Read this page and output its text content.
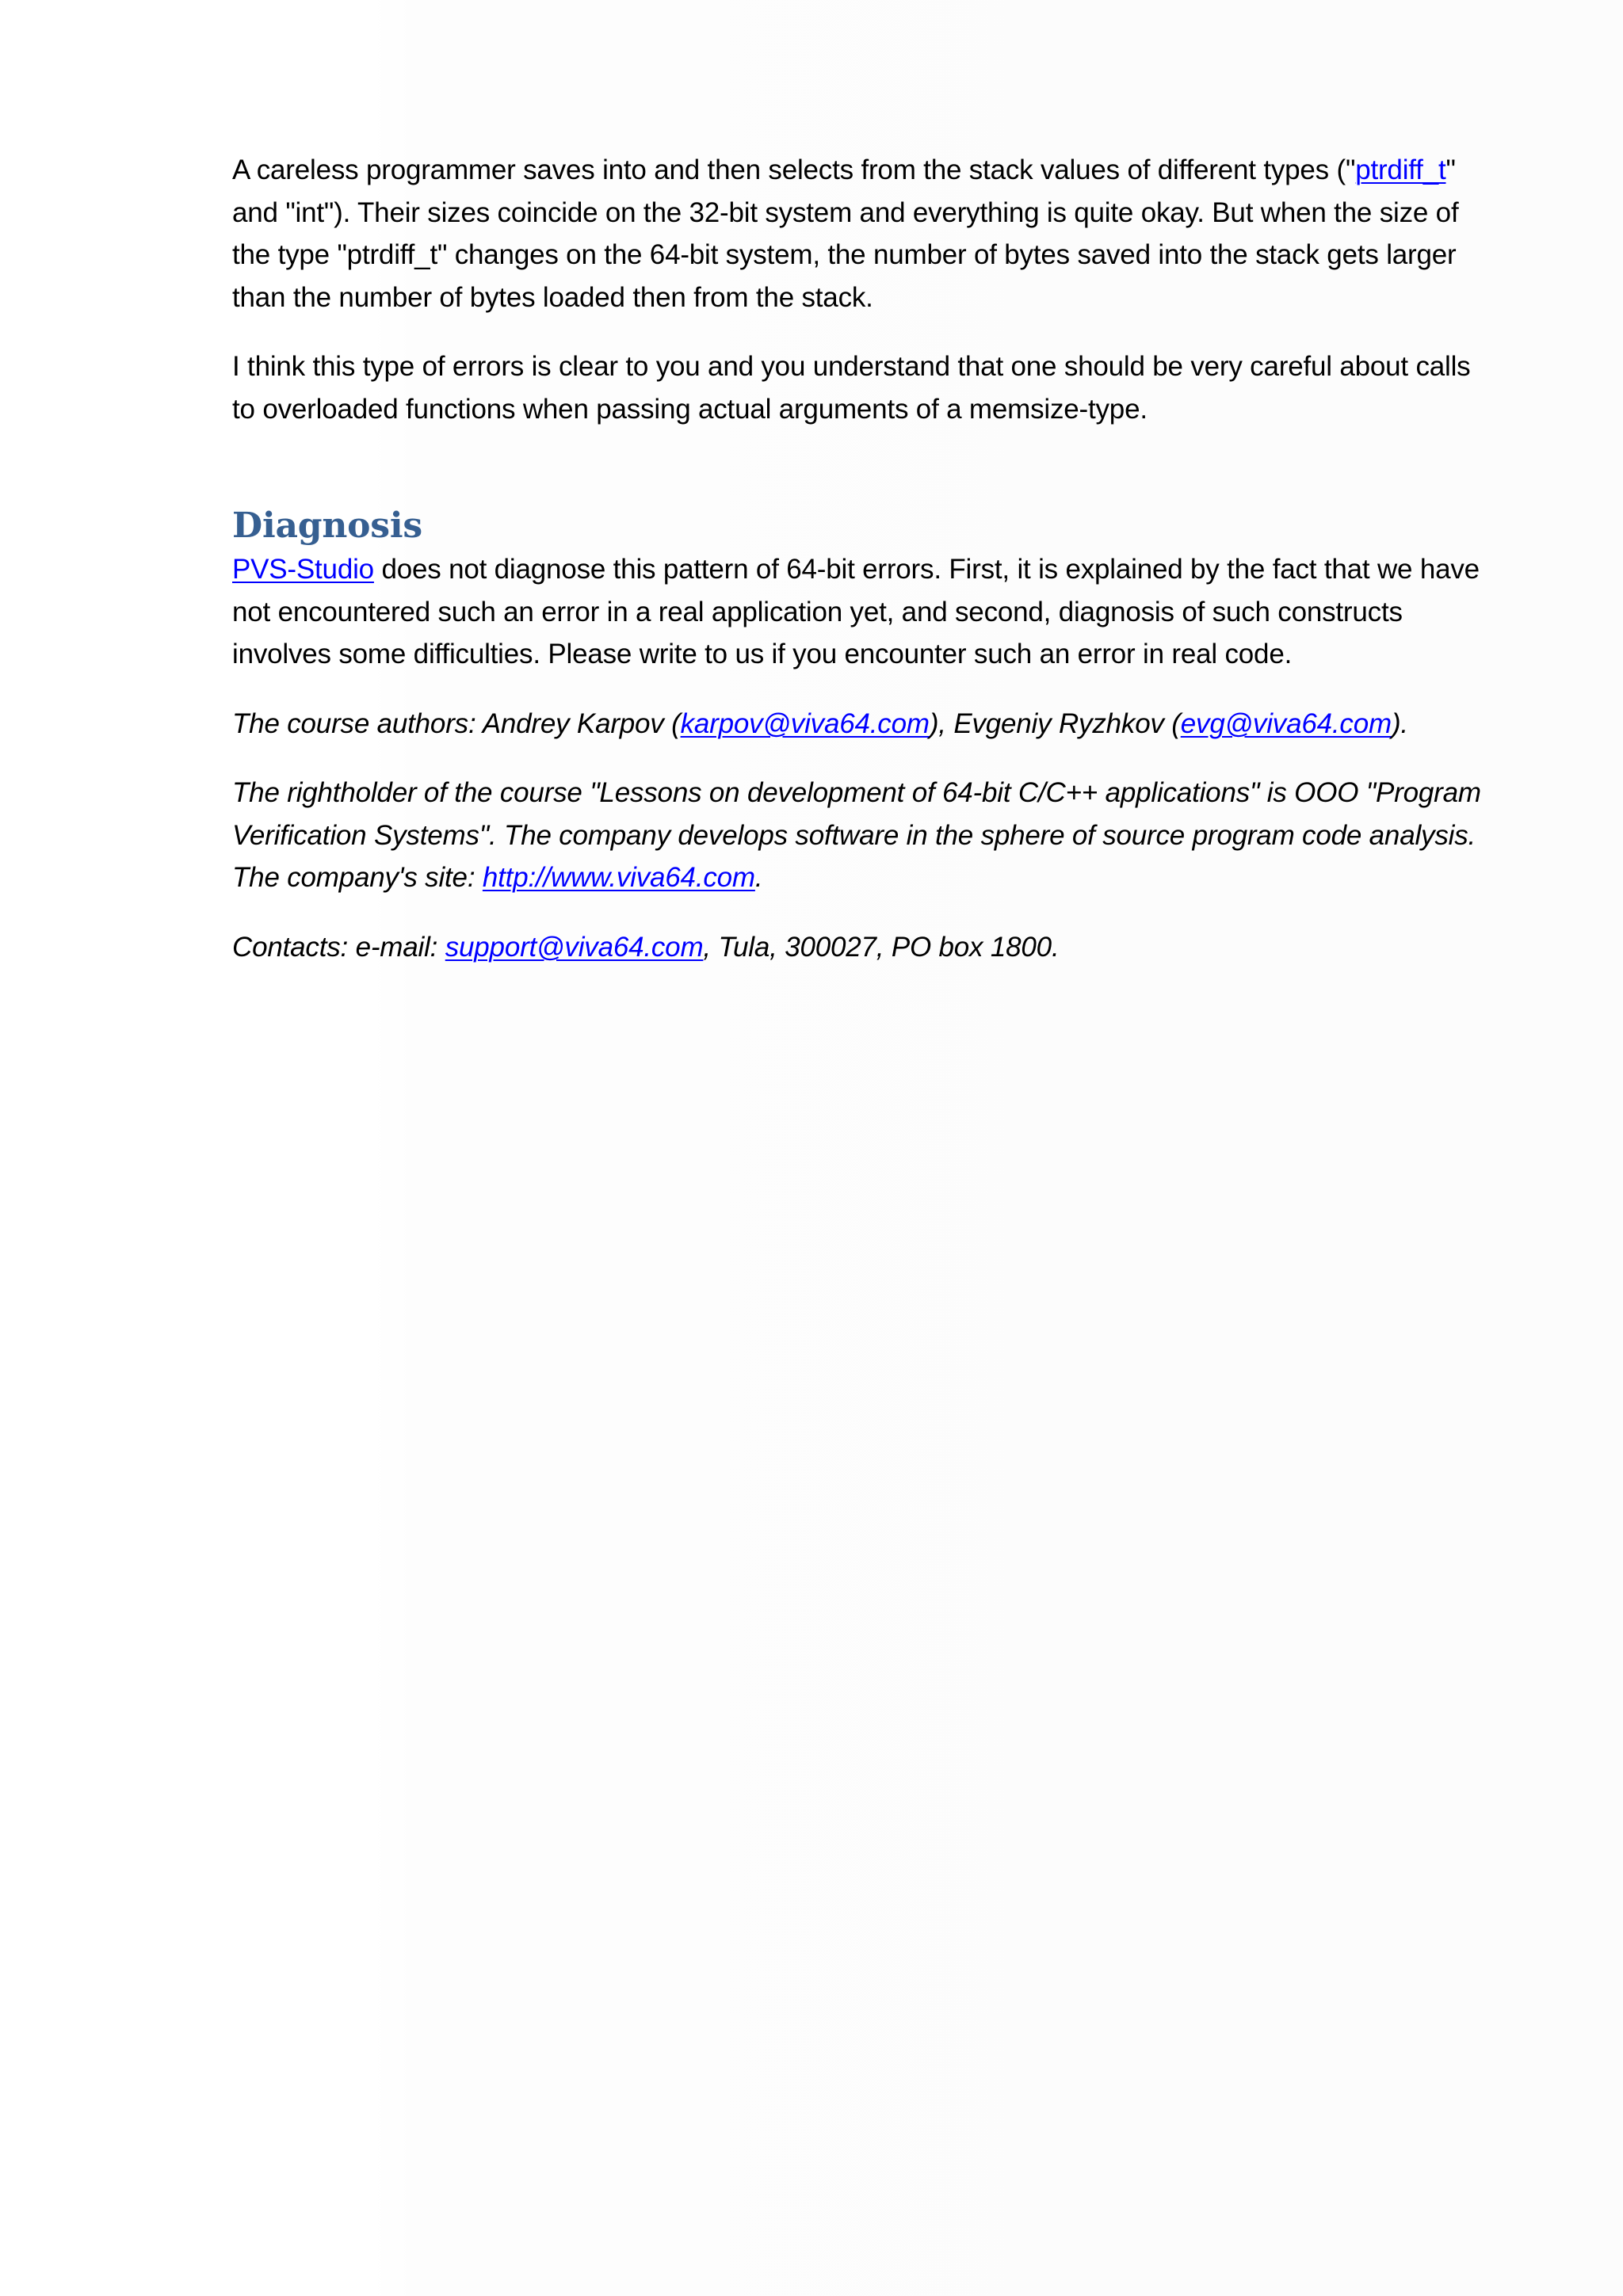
A careless programmer saves into and then selects from the stack values of different types ("ptrdiff_t" and "int"). Their sizes coincide on the 32-bit system and everything is quite okay. But when the size of the type "ptrdiff_t" changes on the 64-bit system, the number of bytes saved into the stack gets larger than the number of bytes loaded then from the stack.

I think this type of errors is clear to you and you understand that one should be very careful about calls to overloaded functions when passing actual arguments of a memsize-type.

Diagnosis

PVS-Studio does not diagnose this pattern of 64-bit errors. First, it is explained by the fact that we have not encountered such an error in a real application yet, and second, diagnosis of such constructs involves some difficulties. Please write to us if you encounter such an error in real code.

The course authors: Andrey Karpov (karpov@viva64.com), Evgeniy Ryzhkov (evg@viva64.com).

The rightholder of the course "Lessons on development of 64-bit C/C++ applications" is OOO "Program Verification Systems". The company develops software in the sphere of source program code analysis. The company's site: http://www.viva64.com.

Contacts: e-mail: support@viva64.com, Tula, 300027, PO box 1800.
